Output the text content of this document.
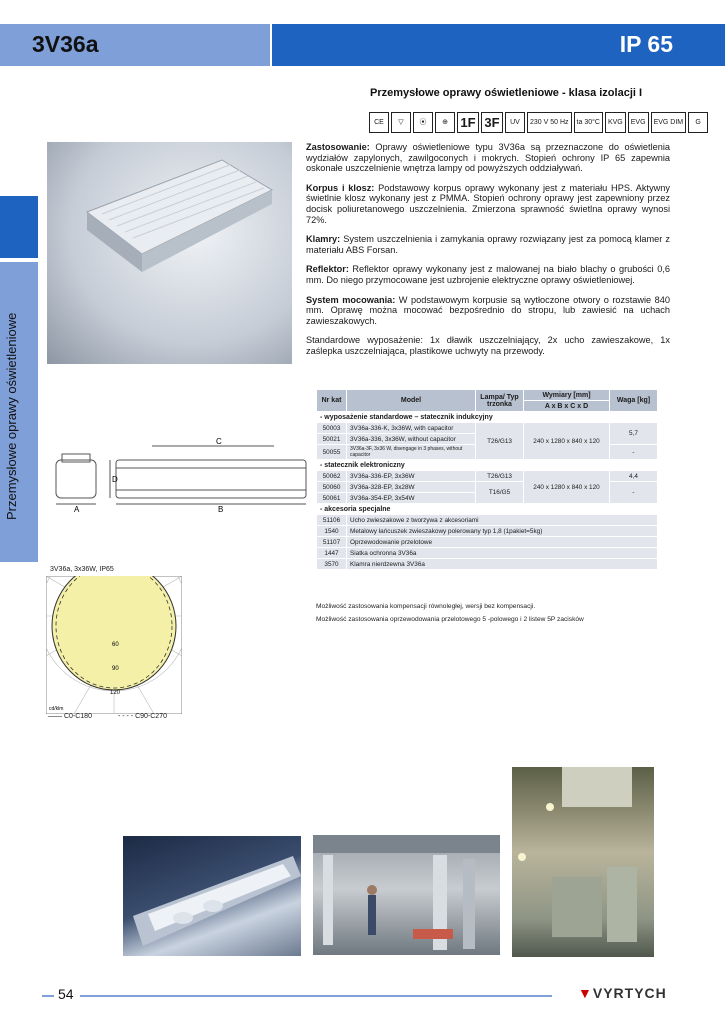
3V36a	IP 65
Przemysłowe oprawy oświetleniowe
Przemysłowe oprawy oświetleniowe - klasa izolacji I
CE	▽	⦿	⊕ 1F 3F	UV	230 V 50 Hz	ta 30°C	KVG	EVG	EVG DIM	G

Zastosowanie: Oprawy oświetleniowe typu 3V36a są przeznaczone do oświetlenia wydziałów zapylonych, zawilgoconych i mokrych. Stopień ochrony IP 65 zapewnia oskonałe uszczelnienie wnętrza lampy od powyższych oddziaływań.

Korpus i klosz: Podstawowy korpus oprawy wykonany jest z materiału HPS. Aktywny świetlnie klosz wykonany jest z PMMA. Stopień ochrony oprawy jest zapewniony przez docisk poliuretanowego uszczelnienia. Zmierzona sprawność świetlna oprawy wynosi 72%.

Klamry: System uszczelnienia i zamykania oprawy rozwiązany jest za pomocą klamer z materiału ABS Forsan.

Reflektor: Reflektor oprawy wykonany jest z malowanej na biało blachy o grubości 0,6 mm. Do niego przymocowane jest uzbrojenie elektryczne oprawy oświetleniowej.

System mocowania: W podstawowym korpusie są wytłoczone otwory o rozstawie 840 mm. Oprawę można mocować bezpośrednio do stropu, lub zawiesić na uchach zawieszakowych.

Standardowe wyposażenie: 1x dławik uszczelniający, 2x ucho zawieszakowe, 1x zaślepka uszczelniająca, plastikowe uchwyty na przewody.

A	B
C
D
3V36a, 3x36W, IP65
60
90
120
cd/klm
—— C0-C180	- - - - C90-C270
Nr kat	Model	Lampa/ Typ trzonka	Wymiary [mm]	Waga [kg]
			A x B x C x D	
- wyposażenie standardowe – statecznik indukcyjny				
50003	3V36a-336-K, 3x36W, with capacitor	T26/G13	240 x 1280 x 840 x 120	5,7
50021	3V36a-336, 3x36W, without capacitor			
50055	3V36a-3F, 3x36 W, disengage in 3 phases, without capacitor			-
- statecznik elektroniczny				
50062	3V36a-336-EP, 3x36W	T26/G13	240 x 1280 x 840 x 120	4,4
50060	3V36a-328-EP, 3x28W	T16/G5		-
50061	3V36a-354-EP, 3x54W			
- akcesoria specjalne				
51106	Ucho zwieszakowe z tworzywa z akcesoriami			
1540	Metalowy łańcuszek zwieszakowy polerowany typ 1,8 (1pakiet=5kg)			
51107	Oprzewodowanie przelotowe			
1447	Siatka ochronna 3V36a			
3570	Klamra nierdzewna 3V36a			
Możliwość zastosowania kompensacji równoległej, wersji bez kompensacji.
Możliwość zastosowania oprzewodowania przelotowego 5 -polowego i 2 listew 5P zacisków
54	▼VYRTYCH
